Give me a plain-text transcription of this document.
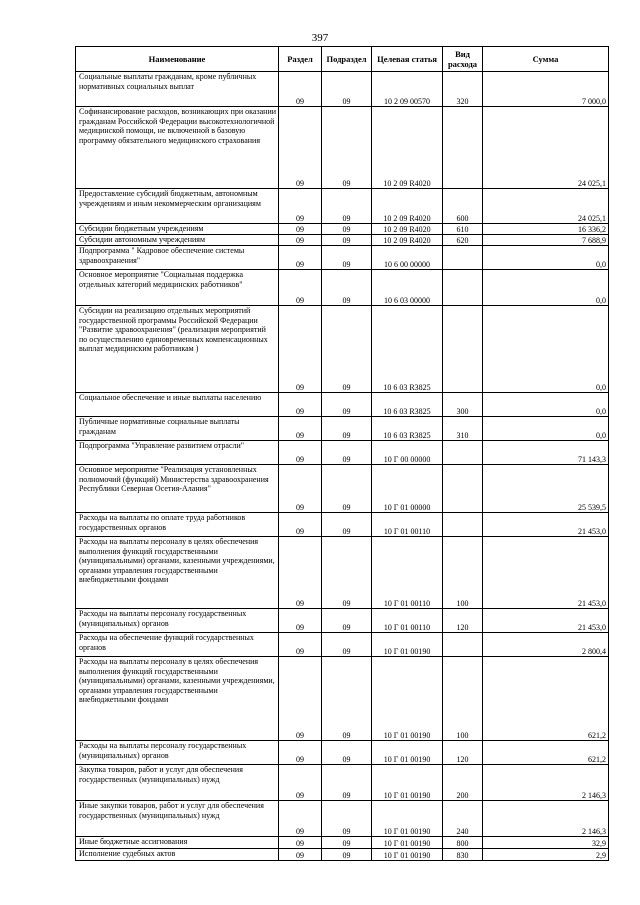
397
Наименование	Раздел	Подраздел	Целевая статья	Вид расхода	Сумма
Социальные выплаты гражданам, кроме публичных нормативных социальных выплат	09	09	10 2 09 00570	320	7 000,0
Софинансирование расходов, возникающих при оказании гражданам Российской Федерации высокотехнологичной медицинской помощи, не включенной в базовую программу обязательного медицинского страхования	09	09	10 2 09 R4020		24 025,1
Предоставление субсидий бюджетным, автономным учреждениям и иным некоммерческим организациям	09	09	10 2 09 R4020	600	24 025,1
Субсидии бюджетным учреждениям	09	09	10 2 09 R4020	610	16 336,2
Субсидии автономным учреждениям	09	09	10 2 09 R4020	620	7 688,9
Подпрограмма " Кадровое обеспечение системы здравоохранения"	09	09	10 6 00 00000		0,0
Основное мероприятие "Социальная поддержка отдельных категорий медицинских работников"	09	09	10 6 03 00000		0,0
Субсидии на реализацию отдельных мероприятий государственной программы Российской Федерации "Развитие здравоохранения" (реализация мероприятий по осуществлению единовременных компенсационных выплат медицинским работникам )	09	09	10 6 03 R3825		0,0
Социальное обеспечение и иные выплаты населению	09	09	10 6 03 R3825	300	0,0
Публичные нормативные социальные выплаты гражданам	09	09	10 6 03 R3825	310	0,0
Подпрограмма "Управление развитием отрасли"	09	09	10 Г 00 00000		71 143,3
Основное мероприятие "Реализация установленных полномочий (функций) Министерства здравоохранения Республики Северная Осетия-Алания"	09	09	10 Г 01 00000		25 539,5
Расходы на выплаты по оплате труда работников государственных органов	09	09	10 Г 01 00110		21 453,0
Расходы на выплаты персоналу в целях обеспечения выполнения функций государственными (муниципальными) органами, казенными учреждениями, органами управления государственными внебюджетными фондами	09	09	10 Г 01 00110	100	21 453,0
Расходы на выплаты персоналу государственных (муниципальных) органов	09	09	10 Г 01 00110	120	21 453,0
Расходы на обеспечение функций государственных органов	09	09	10 Г 01 00190		2 800,4
Расходы на выплаты персоналу в целях обеспечения выполнения функций государственными (муниципальными) органами, казенными учреждениями, органами управления государственными внебюджетными фондами	09	09	10 Г 01 00190	100	621,2
Расходы на выплаты персоналу государственных (муниципальных) органов	09	09	10 Г 01 00190	120	621,2
Закупка товаров, работ и услуг для обеспечения государственных (муниципальных) нужд	09	09	10 Г 01 00190	200	2 146,3
Иные закупки товаров, работ и услуг для обеспечения государственных (муниципальных) нужд	09	09	10 Г 01 00190	240	2 146,3
Иные бюджетные ассигнования	09	09	10 Г 01 00190	800	32,9
Исполнение судебных актов	09	09	10 Г 01 00190	830	2,9
